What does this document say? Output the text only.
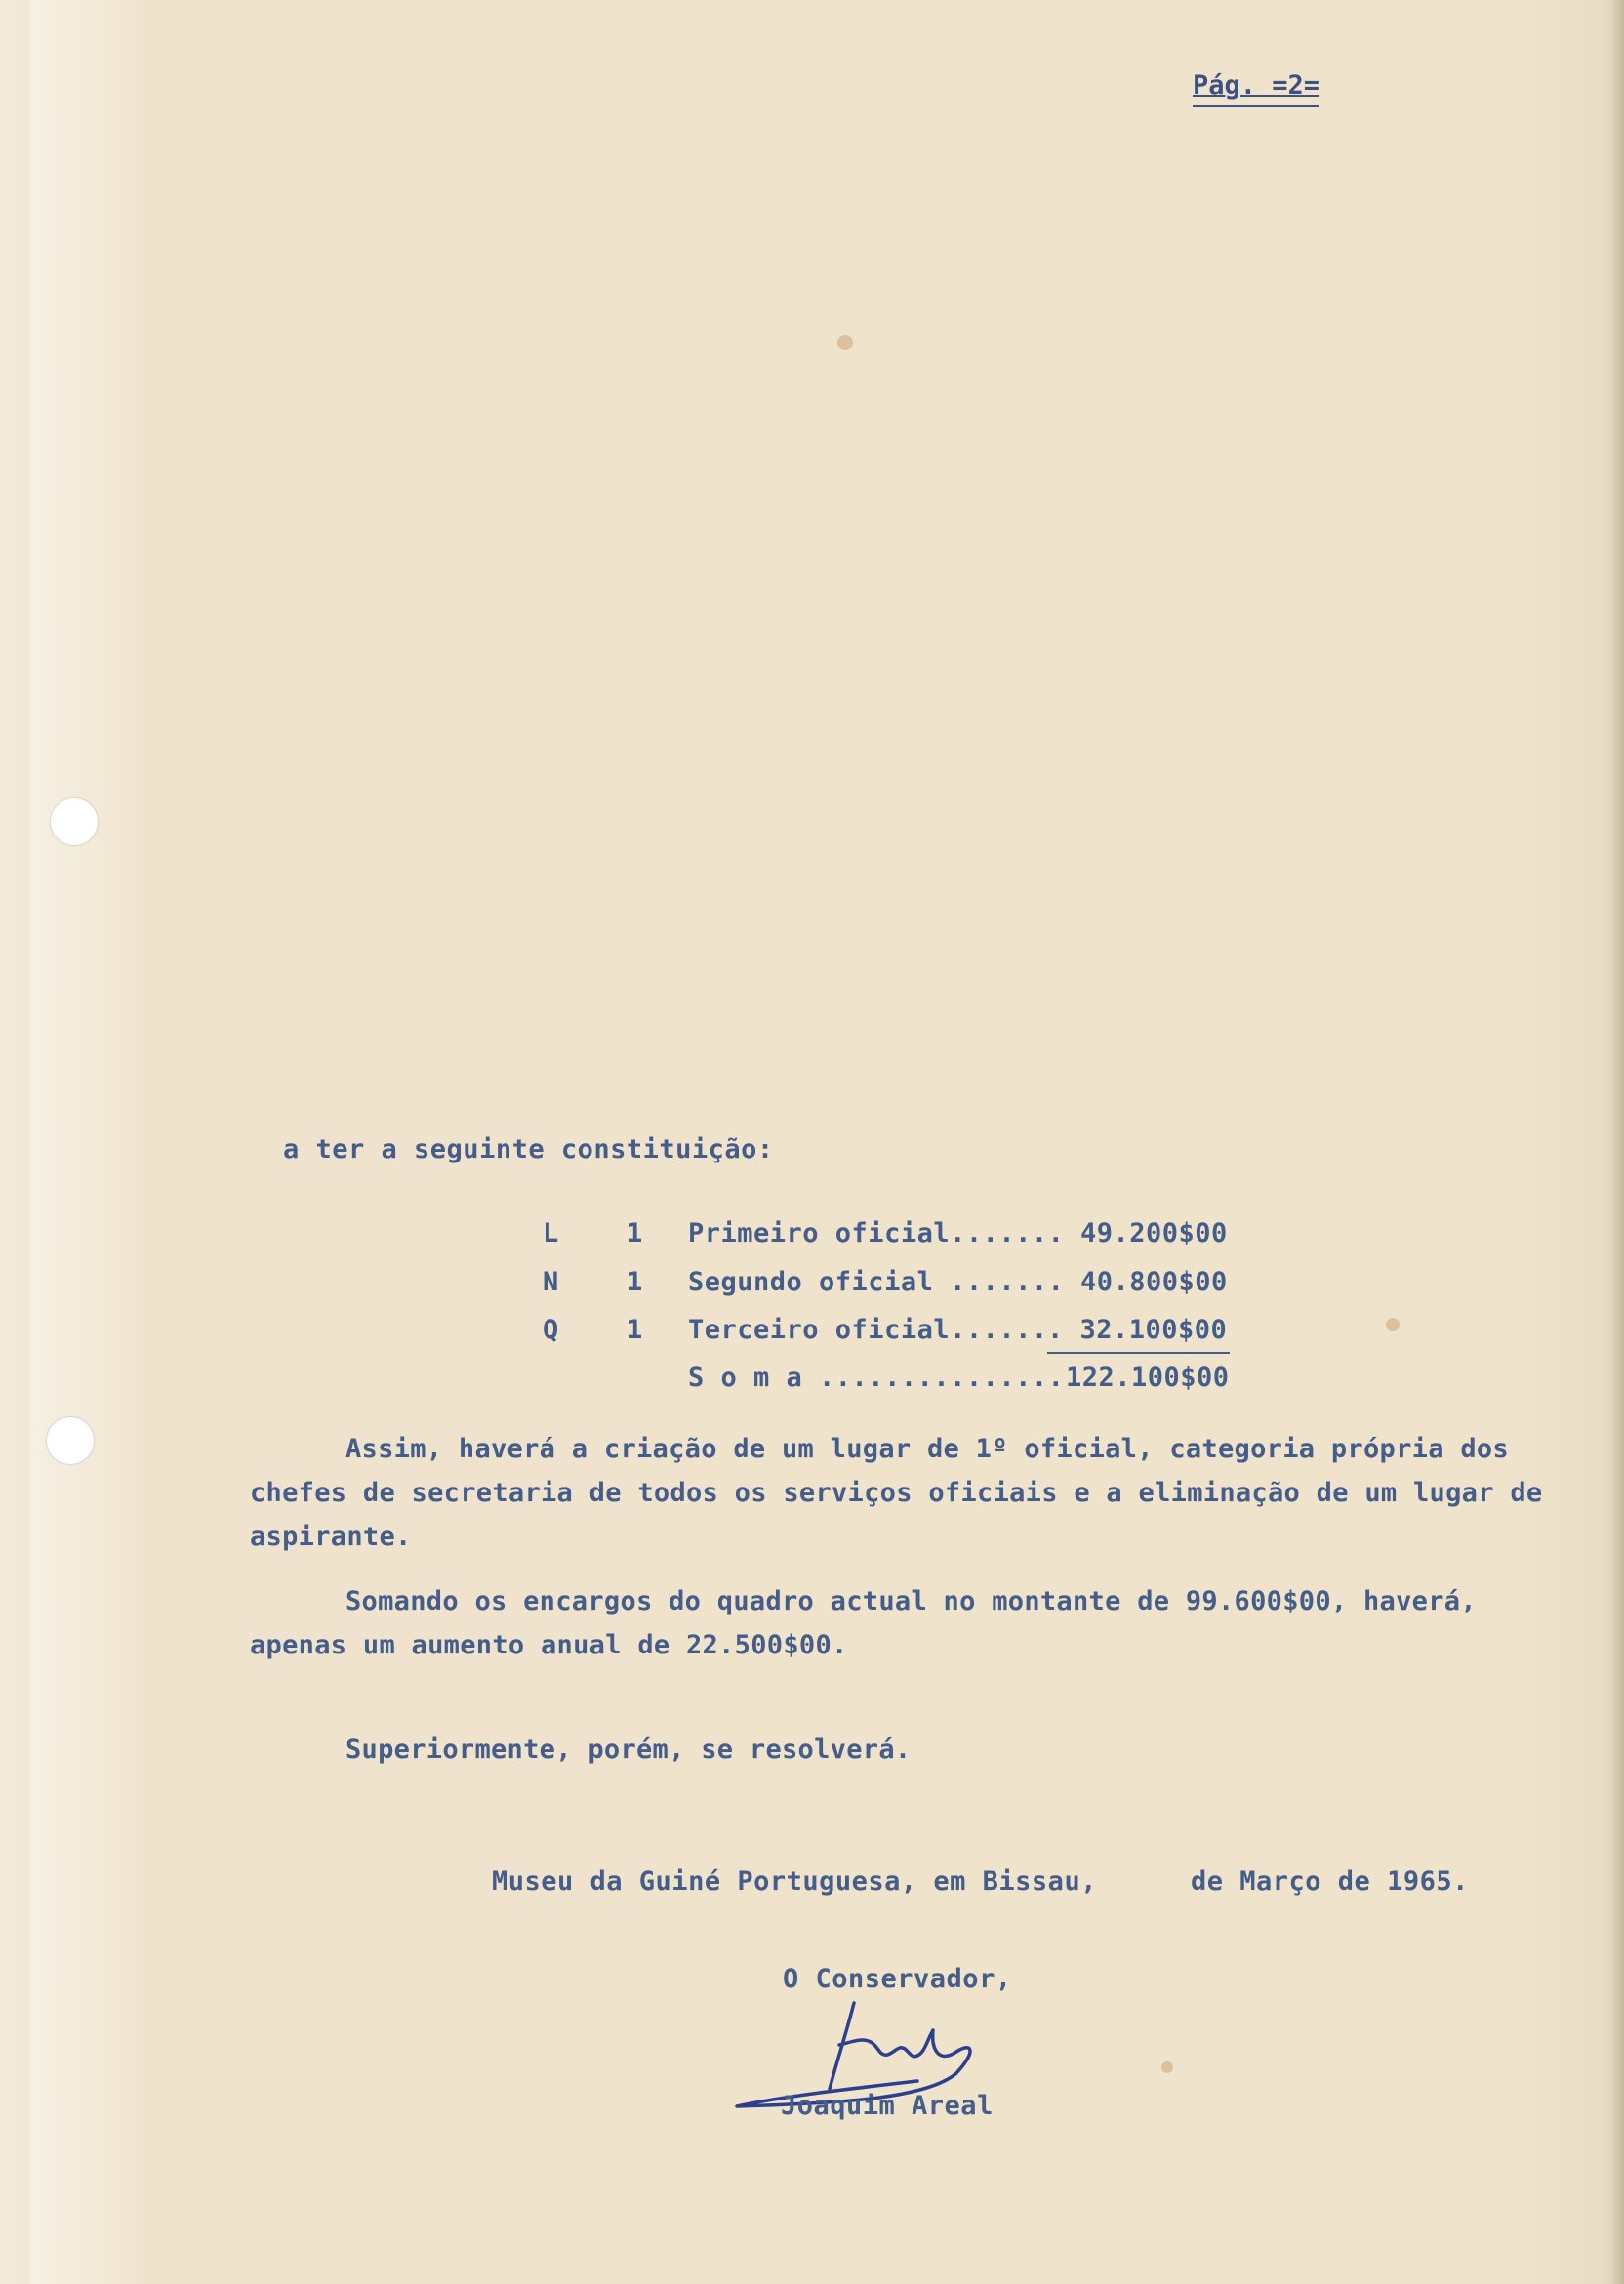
Pág. =2=
a ter a seguinte constituição:
L	1 Primeiro oficial....... 49.200$00
N	1 Segundo oficial ....... 40.800$00
Q	1 Terceiro oficial...... . 32.100$00
S o m a ............... 122.100$00
Assim, haverá a criação de um lugar de 1º oficial, categoria própria dos chefes de secretaria de todos os serviços oficiais e a eliminação de um lugar de aspirante.
Somando os encargos do quadro actual no montante de 99.600$00, haverá, apenas um aumento anual de 22.500$00.
Superiormente, porém, se resolverá.
Museu da Guiné Portuguesa, em Bissau,	de Março de 1965.
O Conservador,
Joaquim Areal
